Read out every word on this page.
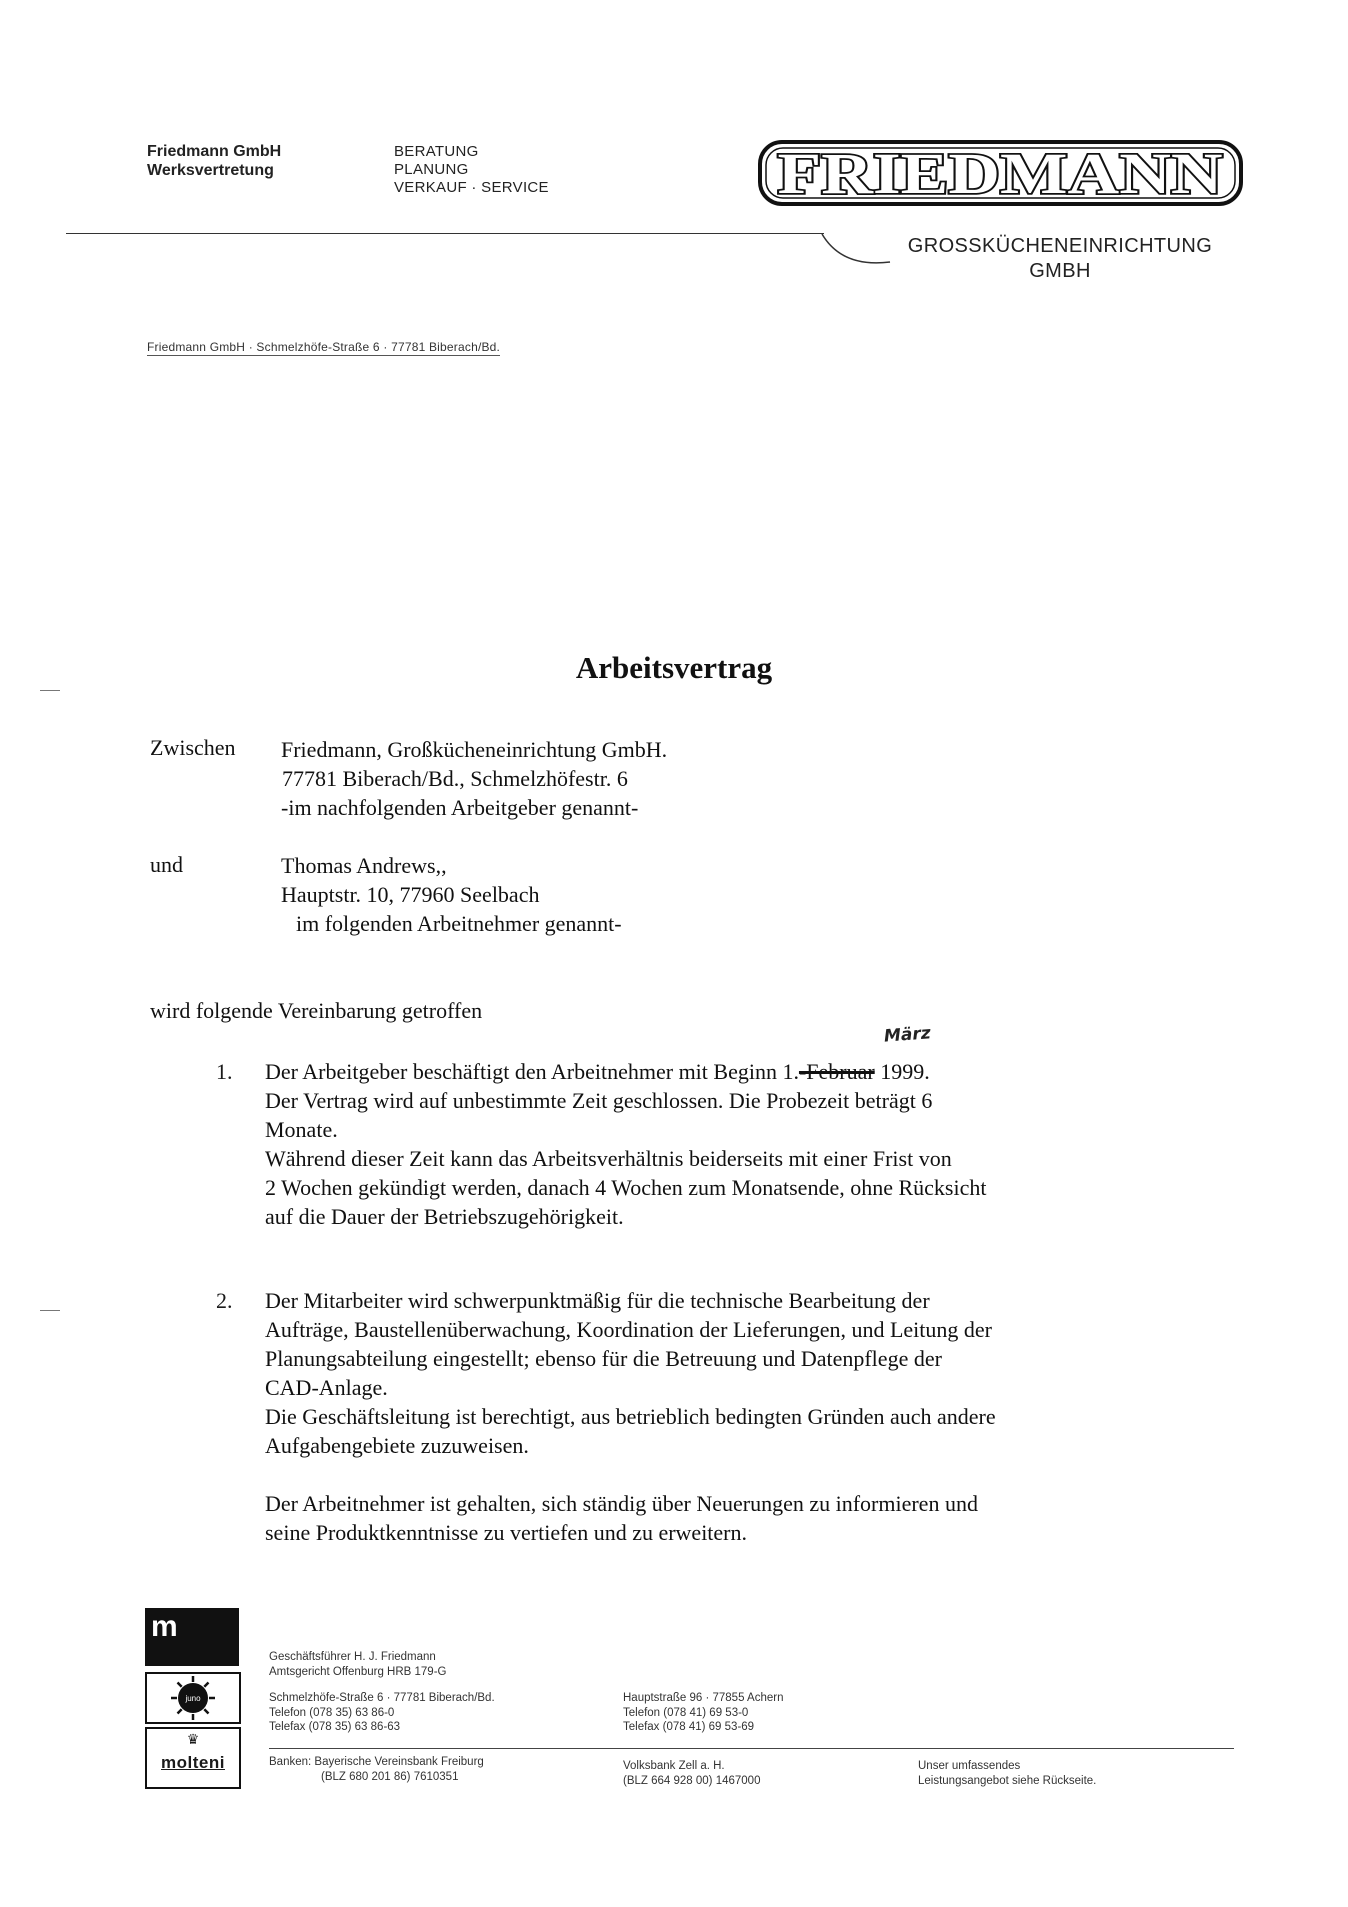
Friedmann GmbH
Werksvertretung
BERATUNG
PLANUNG
VERKAUF · SERVICE	FRIEDMANN
GROSSKÜCHENEINRICHTUNG
GMBH
Friedmann GmbH · Schmelzhöfe-Straße 6 · 77781 Biberach/Bd.
Arbeitsvertrag
Zwischen Friedmann, Großkücheneinrichtung GmbH.
77781 Biberach/Bd., Schmelzhöfestr. 6
-im nachfolgenden Arbeitgeber genannt-
und	Thomas Andrews,,
Hauptstr. 10, 77960 Seelbach
im folgenden Arbeitnehmer genannt-
wird folgende Vereinbarung getroffen
März
1. Der Arbeitgeber beschäftigt den Arbeitnehmer mit Beginn 1.-Februar 1999.
Der Vertrag wird auf unbestimmte Zeit geschlossen. Die Probezeit beträgt 6
Monate.
Während dieser Zeit kann das Arbeitsverhältnis beiderseits mit einer Frist von
2 Wochen gekündigt werden, danach 4 Wochen zum Monatsende, ohne Rücksicht
auf die Dauer der Betriebszugehörigkeit.
2. Der Mitarbeiter wird schwerpunktmäßig für die technische Bearbeitung der
Aufträge, Baustellenüberwachung, Koordination der Lieferungen, und Leitung der
Planungsabteilung eingestellt; ebenso für die Betreuung und Datenpflege der
CAD-Anlage.
Die Geschäftsleitung ist berechtigt, aus betrieblich bedingten Gründen auch andere
Aufgabengebiete zuzuweisen.
Der Arbeitnehmer ist gehalten, sich ständig über Neuerungen zu informieren und
seine Produktkenntnisse zu vertiefen und zu erweitern.
m
juno
♛
molteni
Geschäftsführer H. J. Friedmann
Amtsgericht Offenburg HRB 179-G
Schmelzhöfe-Straße 6 · 77781 Biberach/Bd.
Telefon (078 35) 63 86-0
Telefax (078 35) 63 86-63
Hauptstraße 96 · 77855 Achern
Telefon (078 41) 69 53-0
Telefax (078 41) 69 53-69
Banken: Bayerische Vereinsbank Freiburg
(BLZ 680 201 86) 7610351
Volksbank Zell a. H.
(BLZ 664 928 00) 1467000
Unser umfassendes
Leistungsangebot siehe Rückseite.
